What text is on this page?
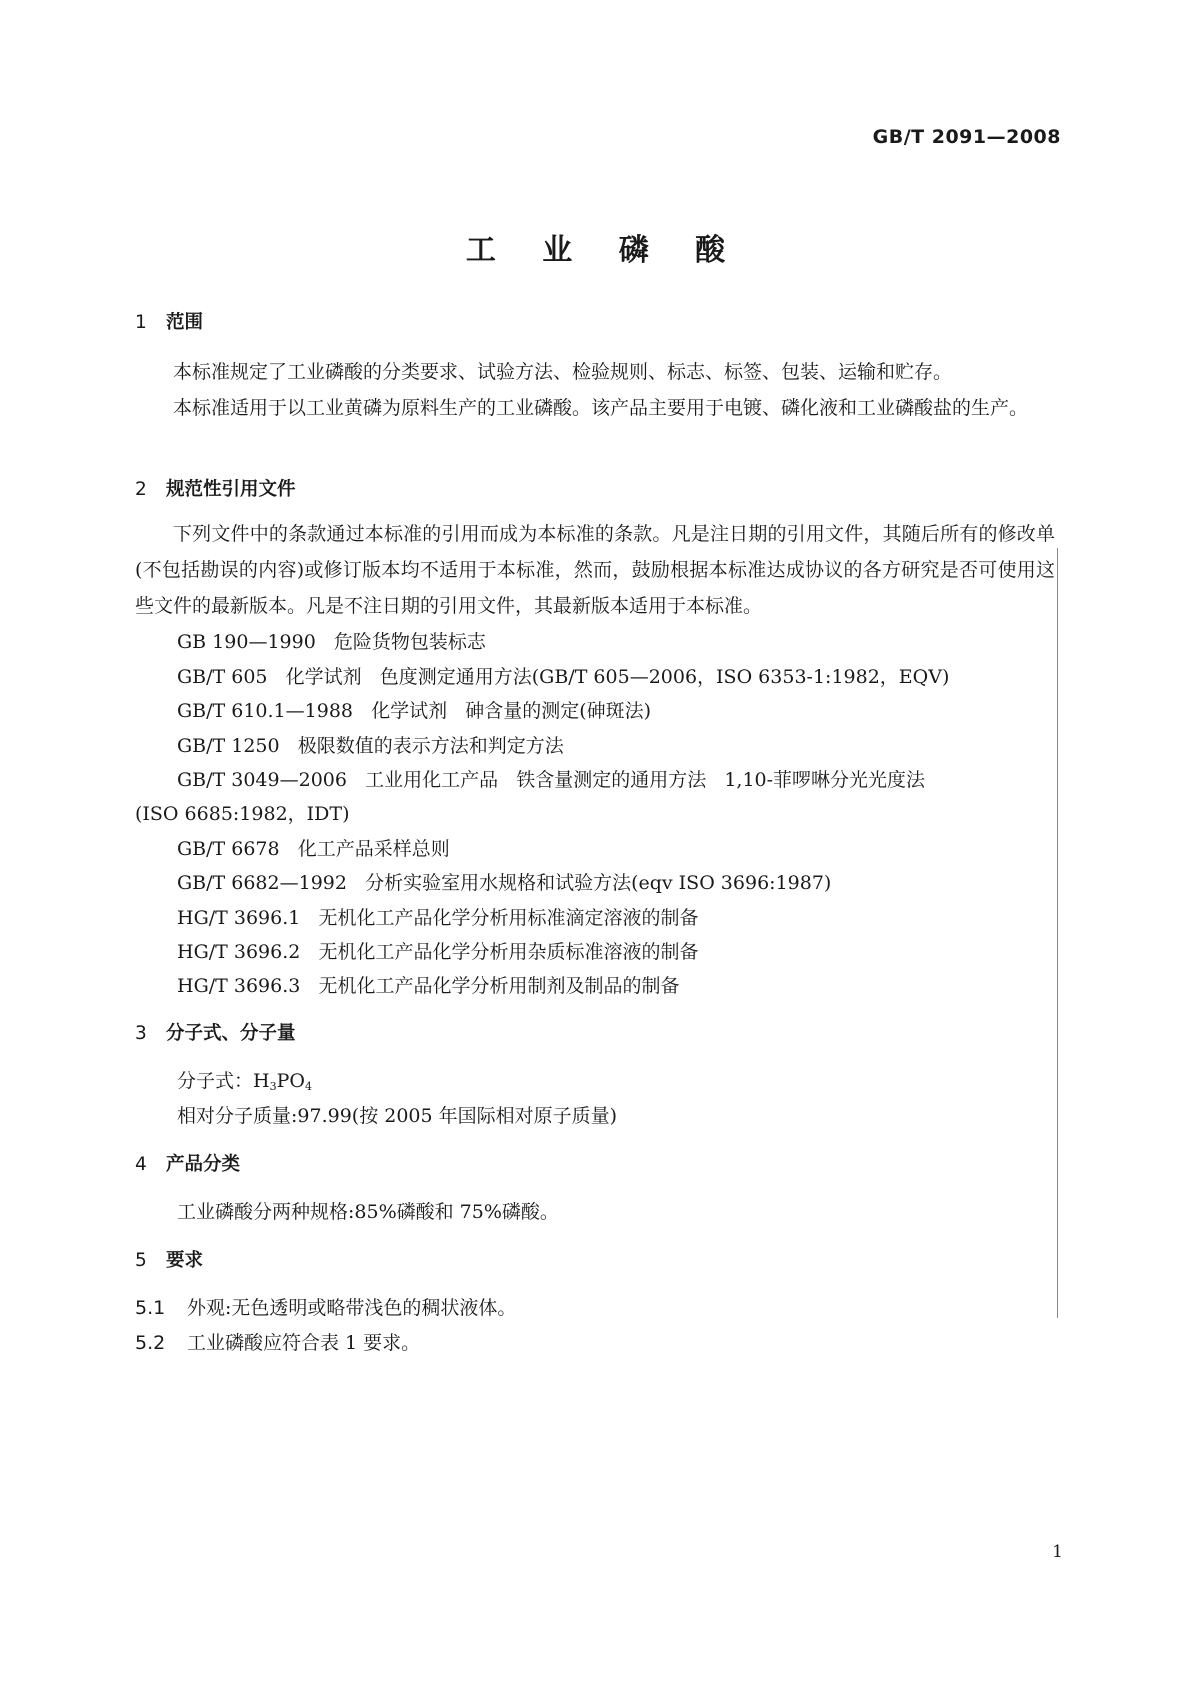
GB/T 2091—2008
工 业 磷 酸
1 范围
本标准规定了工业磷酸的分类要求、试验方法、检验规则、标志、标签、包装、运输和贮存。
本标准适用于以工业黄磷为原料生产的工业磷酸。该产品主要用于电镀、磷化液和工业磷酸盐的生产。
2 规范性引用文件
下列文件中的条款通过本标准的引用而成为本标准的条款。凡是注日期的引用文件，其随后所有的修改单(不包括勘误的内容)或修订版本均不适用于本标准，然而，鼓励根据本标准达成协议的各方研究是否可使用这些文件的最新版本。凡是不注日期的引用文件，其最新版本适用于本标准。
GB 190—1990   危险货物包装标志
GB/T 605   化学试剂   色度测定通用方法(GB/T 605—2006，ISO 6353-1:1982，EQV)
GB/T 610.1—1988   化学试剂   砷含量的测定(砷斑法)
GB/T 1250   极限数值的表示方法和判定方法
GB/T 3049—2006   工业用化工产品   铁含量测定的通用方法   1,10-菲啰啉分光光度法
(ISO 6685:1982，IDT)
GB/T 6678   化工产品采样总则
GB/T 6682—1992   分析实验室用水规格和试验方法(eqv ISO 3696:1987)
HG/T 3696.1   无机化工产品化学分析用标准滴定溶液的制备
HG/T 3696.2   无机化工产品化学分析用杂质标准溶液的制备
HG/T 3696.3   无机化工产品化学分析用制剂及制品的制备
3 分子式、分子量
分子式：$H_3PO_4$
相对分子质量:97.99(按 2005 年国际相对原子质量)
4 产品分类
工业磷酸分两种规格:85%磷酸和 75%磷酸。
5 要求
5.1 外观:无色透明或略带浅色的稠状液体。
5.2 工业磷酸应符合表 1 要求。
1
